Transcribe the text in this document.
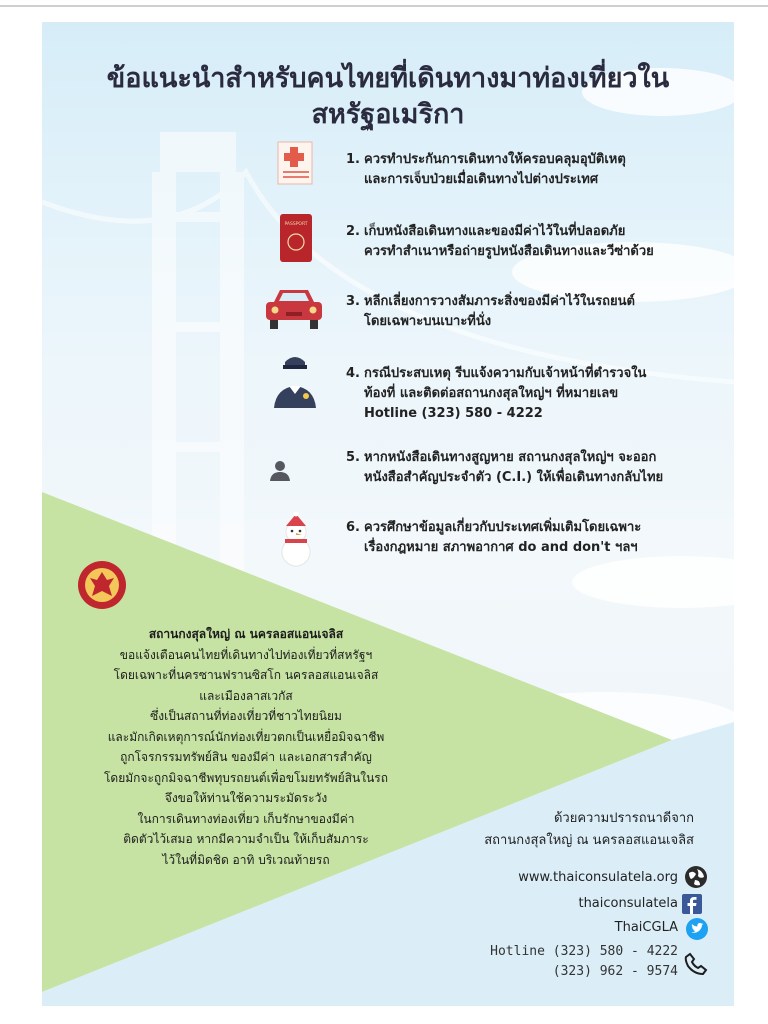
ข้อแนะนำสำหรับคนไทยที่เดินทางมาท่องเที่ยวใน
สหรัฐอเมริกา
1. ควรทำประกันการเดินทางให้ครอบคลุมอุบัติเหตุ
และการเจ็บป่วยเมื่อเดินทางไปต่างประเทศ
PASSPORT	2. เก็บหนังสือเดินทางและของมีค่าไว้ในที่ปลอดภัย
ควรทำสำเนาหรือถ่ายรูปหนังสือเดินทางและวีซ่าด้วย
3. หลีกเลี่ยงการวางสัมภาระสิ่งของมีค่าไว้ในรถยนต์
โดยเฉพาะบนเบาะที่นั่ง
4. กรณีประสบเหตุ รีบแจ้งความกับเจ้าหน้าที่ตำรวจใน
ท้องที่ และติดต่อสถานกงสุลใหญ่ฯ ที่หมายเลข
Hotline (323) 580 - 4222
5. หากหนังสือเดินทางสูญหาย สถานกงสุลใหญ่ฯ จะออก
หนังสือสำคัญประจำตัว (C.I.) ให้เพื่อเดินทางกลับไทย
6. ควรศึกษาข้อมูลเกี่ยวกับประเทศเพิ่มเติมโดยเฉพาะ
เรื่องกฎหมาย สภาพอากาศ do and don't ฯลฯ
สถานกงสุลใหญ่ ณ นครลอสแอนเจลิส
ขอแจ้งเตือนคนไทยที่เดินทางไปท่องเที่ยวที่สหรัฐฯ
โดยเฉพาะที่นครซานฟรานซิสโก นครลอสแอนเจลิส
และเมืองลาสเวกัส
ซึ่งเป็นสถานที่ท่องเที่ยวที่ชาวไทยนิยม
และมักเกิดเหตุการณ์นักท่องเที่ยวตกเป็นเหยื่อมิจฉาชีพ
ถูกโจรกรรมทรัพย์สิน ของมีค่า และเอกสารสำคัญ
โดยมักจะถูกมิจฉาชีพทุบรถยนต์เพื่อขโมยทรัพย์สินในรถ
จึงขอให้ท่านใช้ความระมัดระวัง
ในการเดินทางท่องเที่ยว เก็บรักษาของมีค่า
ติดตัวไว้เสมอ หากมีความจำเป็น ให้เก็บสัมภาระ
ไว้ในที่มิดชิด อาทิ บริเวณท้ายรถ
ด้วยความปรารถนาดีจาก
สถานกงสุลใหญ่ ณ นครลอสแอนเจลิส
www.thaiconsulatela.org
thaiconsulatela
ThaiCGLA
Hotline (323) 580 - 4222
(323) 962 - 9574
